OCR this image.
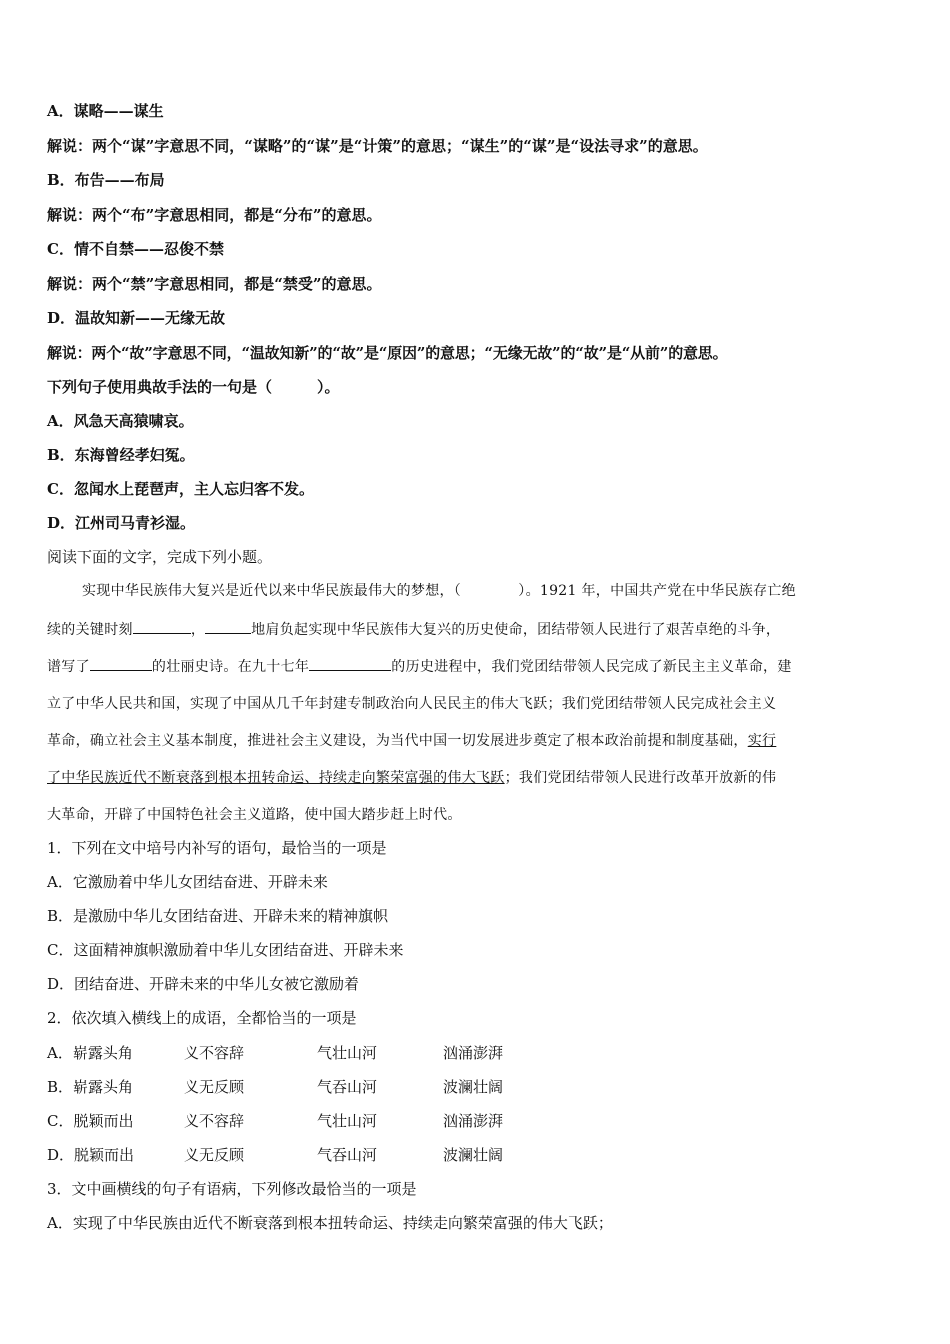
A．谋略——谋生
解说：两个“谋”字意思不同，“谋略”的“谋”是“计策”的意思；“谋生”的“谋”是“设法寻求”的意思。
B．布告——布局
解说：两个“布”字意思相同，都是“分布”的意思。
C．情不自禁——忍俊不禁
解说：两个“禁”字意思相同，都是“禁受”的意思。
D．温故知新——无缘无故
解说：两个“故”字意思不同，“温故知新”的“故”是“原因”的意思；“无缘无故”的“故”是“从前”的意思。
下列句子使用典故手法的一句是（　　　）。
A．风急天高猿啸哀。
B．东海曾经孝妇冤。
C．忽闻水上琵琶声，主人忘归客不发。
D．江州司马青衫湿。
阅读下面的文字，完成下列小题。
实现中华民族伟大复兴是近代以来中华民族最伟大的梦想，（　　　　）。1921 年，中国共产党在中华民族存亡绝
续的关键时刻	，	地肩负起实现中华民族伟大复兴的历史使命，团结带领人民进行了艰苦卓绝的斗争，
谱写了	的壮丽史诗。在九十七年	的历史进程中，我们党团结带领人民完成了新民主主义革命，建
立了中华人民共和国，实现了中国从几千年封建专制政治向人民民主的伟大飞跃；我们党团结带领人民完成社会主义
革命，确立社会主义基本制度，推进社会主义建设，为当代中国一切发展进步奠定了根本政治前提和制度基础，实行
了中华民族近代不断衰落到根本扭转命运、持续走向繁荣富强的伟大飞跃；我们党团结带领人民进行改革开放新的伟
大革命，开辟了中国特色社会主义道路，使中国大踏步赶上时代。
1．下列在文中培号内补写的语句，最恰当的一项是
A．它激励着中华儿女团结奋进、开辟未来
B．是激励中华儿女团结奋进、开辟未来的精神旗帜
C．这面精神旗帜激励着中华儿女团结奋进、开辟未来
D．团结奋进、开辟未来的中华儿女被它激励着
2．依次填入横线上的成语，全都恰当的一项是
A．崭露头角	义不容辞	气壮山河	汹涌澎湃
B．崭露头角	义无反顾	气吞山河	波澜壮阔
C．脱颖而出	义不容辞	气壮山河	汹涌澎湃
D．脱颖而出	义无反顾	气吞山河	波澜壮阔
3．文中画横线的句子有语病，下列修改最恰当的一项是
A．实现了中华民族由近代不断衰落到根本扭转命运、持续走向繁荣富强的伟大飞跃；
